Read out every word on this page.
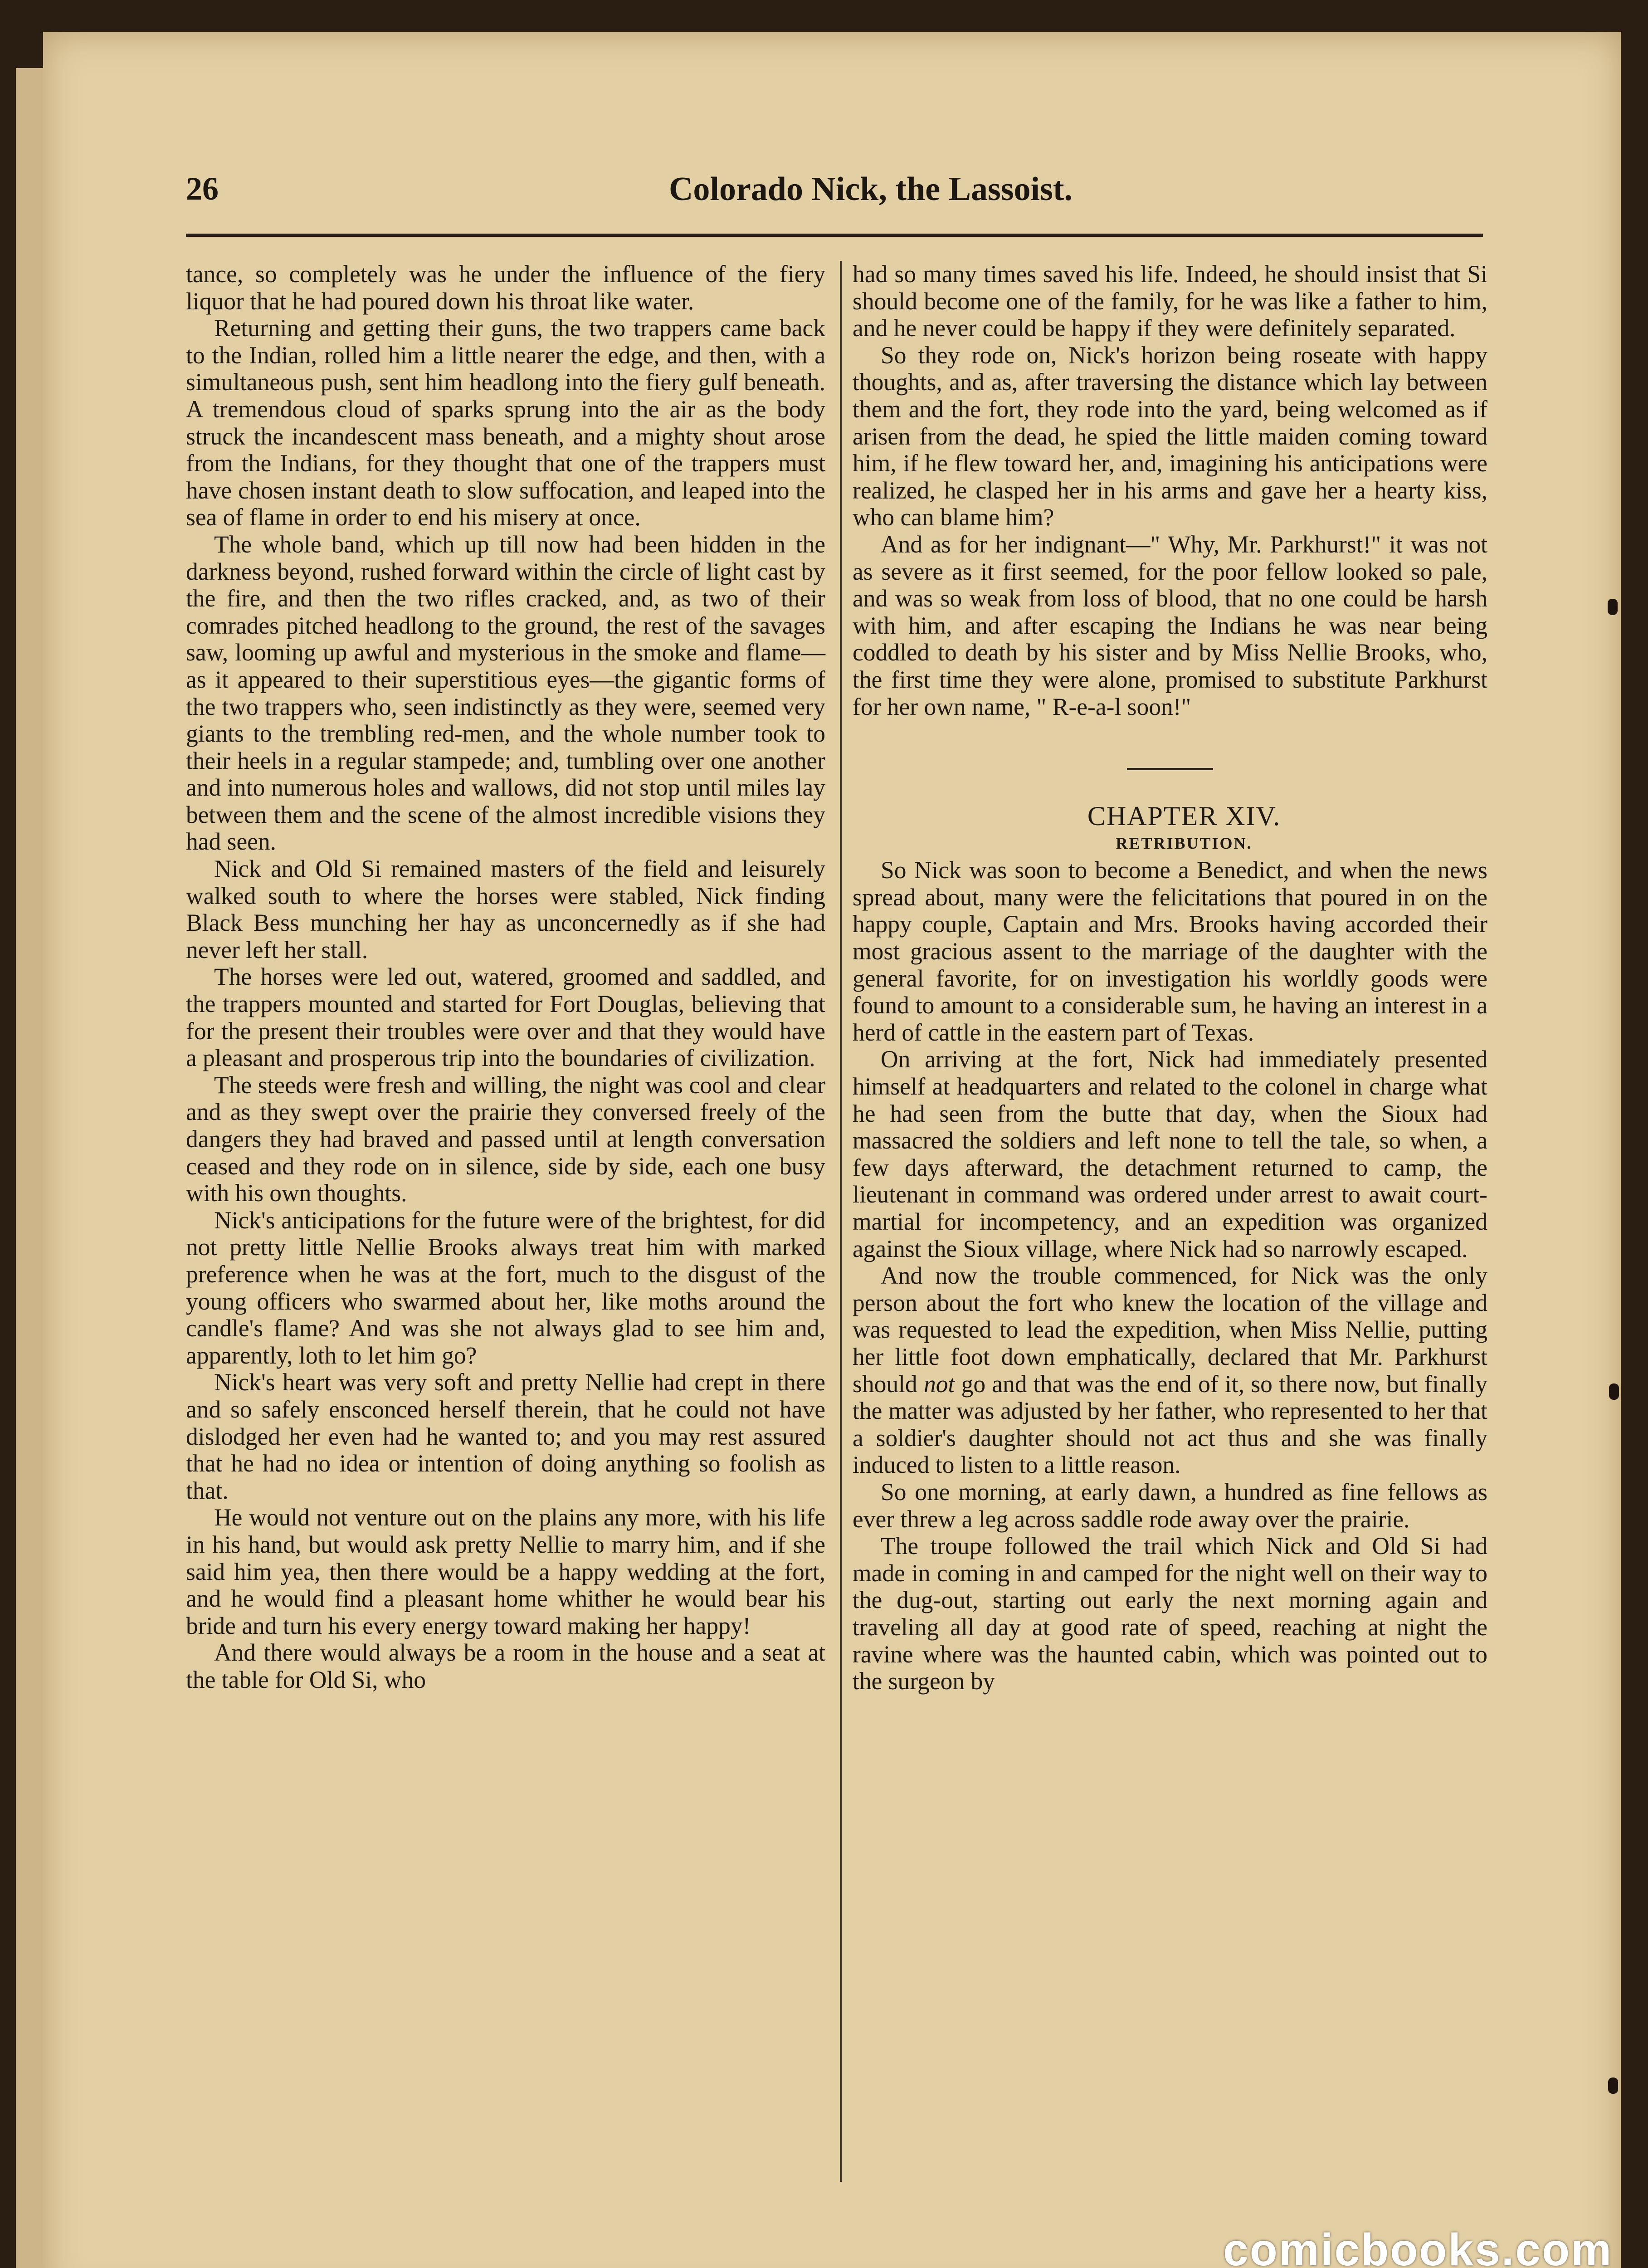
26	Colorado Nick, the Lassoist.

tance, so completely was he under the influence of the fiery liquor that he had poured down his throat like water.

Returning and getting their guns, the two trappers came back to the Indian, rolled him a little nearer the edge, and then, with a simultaneous push, sent him headlong into the fiery gulf beneath. A tremendous cloud of sparks sprung into the air as the body struck the incandescent mass beneath, and a mighty shout arose from the Indians, for they thought that one of the trappers must have chosen instant death to slow suffocation, and leaped into the sea of flame in order to end his misery at once.

The whole band, which up till now had been hidden in the darkness beyond, rushed forward within the circle of light cast by the fire, and then the two rifles cracked, and, as two of their comrades pitched headlong to the ground, the rest of the savages saw, looming up awful and mysterious in the smoke and flame—as it appeared to their superstitious eyes—the gigantic forms of the two trappers who, seen indistinctly as they were, seemed very giants to the trembling red-men, and the whole number took to their heels in a regular stampede; and, tumbling over one another and into numerous holes and wallows, did not stop until miles lay between them and the scene of the almost incredible visions they had seen.

Nick and Old Si remained masters of the field and leisurely walked south to where the horses were stabled, Nick finding Black Bess munching her hay as unconcernedly as if she had never left her stall.

The horses were led out, watered, groomed and saddled, and the trappers mounted and started for Fort Douglas, believing that for the present their troubles were over and that they would have a pleasant and prosperous trip into the boundaries of civilization.

The steeds were fresh and willing, the night was cool and clear and as they swept over the prairie they conversed freely of the dangers they had braved and passed until at length conversation ceased and they rode on in silence, side by side, each one busy with his own thoughts.

Nick's anticipations for the future were of the brightest, for did not pretty little Nellie Brooks always treat him with marked preference when he was at the fort, much to the disgust of the young officers who swarmed about her, like moths around the candle's flame? And was she not always glad to see him and, apparently, loth to let him go?

Nick's heart was very soft and pretty Nellie had crept in there and so safely ensconced herself therein, that he could not have dislodged her even had he wanted to; and you may rest assured that he had no idea or intention of doing anything so foolish as that.

He would not venture out on the plains any more, with his life in his hand, but would ask pretty Nellie to marry him, and if she said him yea, then there would be a happy wedding at the fort, and he would find a pleasant home whither he would bear his bride and turn his every energy toward making her happy!

And there would always be a room in the house and a seat at the table for Old Si, who

had so many times saved his life. Indeed, he should insist that Si should become one of the family, for he was like a father to him, and he never could be happy if they were definitely separated.

So they rode on, Nick's horizon being roseate with happy thoughts, and as, after traversing the distance which lay between them and the fort, they rode into the yard, being welcomed as if arisen from the dead, he spied the little maiden coming toward him, if he flew toward her, and, imagining his anticipations were realized, he clasped her in his arms and gave her a hearty kiss, who can blame him?

And as for her indignant—" Why, Mr. Parkhurst!" it was not as severe as it first seemed, for the poor fellow looked so pale, and was so weak from loss of blood, that no one could be harsh with him, and after escaping the Indians he was near being coddled to death by his sister and by Miss Nellie Brooks, who, the first time they were alone, promised to substitute Parkhurst for her own name, " R-e-a-l soon!"

CHAPTER XIV.

RETRIBUTION.

So Nick was soon to become a Benedict, and when the news spread about, many were the felicitations that poured in on the happy couple, Captain and Mrs. Brooks having accorded their most gracious assent to the marriage of the daughter with the general favorite, for on investigation his worldly goods were found to amount to a considerable sum, he having an interest in a herd of cattle in the eastern part of Texas.

On arriving at the fort, Nick had immediately presented himself at headquarters and related to the colonel in charge what he had seen from the butte that day, when the Sioux had massacred the soldiers and left none to tell the tale, so when, a few days afterward, the detachment returned to camp, the lieutenant in command was ordered under arrest to await court-martial for incompetency, and an expedition was organized against the Sioux village, where Nick had so narrowly escaped.

And now the trouble commenced, for Nick was the only person about the fort who knew the location of the village and was requested to lead the expedition, when Miss Nellie, putting her little foot down emphatically, declared that Mr. Parkhurst should not go and that was the end of it, so there now, but finally the matter was adjusted by her father, who represented to her that a soldier's daughter should not act thus and she was finally induced to listen to a little reason.

So one morning, at early dawn, a hundred as fine fellows as ever threw a leg across saddle rode away over the prairie.

The troupe followed the trail which Nick and Old Si had made in coming in and camped for the night well on their way to the dug-out, starting out early the next morning again and traveling all day at good rate of speed, reaching at night the ravine where was the haunted cabin, which was pointed out to the surgeon by

comicbooks.com
